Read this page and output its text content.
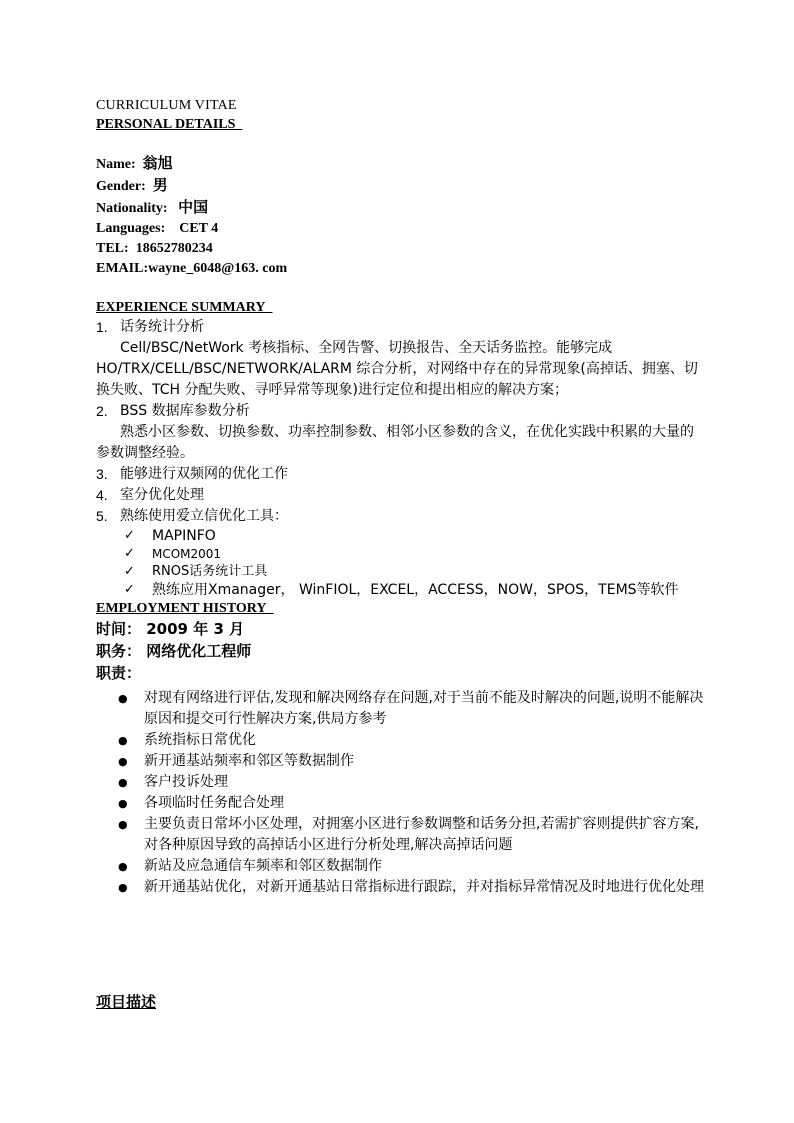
CURRICULUM VITAE
PERSONAL DETAILS

Name: 翁旭

Gender: 男

Nationality: 中国

Languages: CET 4

TEL: 18652780234

EMAIL:wayne_6048@163. com

EXPERIENCE SUMMARY
1. 话务统计分析

Cell/BSC/NetWork 考核指标、全网告警、切换报告、全天话务监控。能够完成 HO/TRX/CELL/BSC/NETWORK/ALARM 综合分析，对网络中存在的异常现象(高掉话、拥塞、切换失败、TCH 分配失败、寻呼异常等现象)进行定位和提出相应的解决方案；

2. BSS 数据库参数分析

熟悉小区参数、切换参数、功率控制参数、相邻小区参数的含义，在优化实践中积累的大量的参数调整经验。

3. 能够进行双频网的优化工作
4. 室分优化处理
5. 熟练使用爱立信优化工具：
✓	MAPINFO
✓	MCOM2001
✓	RNOS话务统计工具
✓	熟练应用Xmanager， WinFIOL，EXCEL，ACCESS，NOW，SPOS，TEMS等软件
EMPLOYMENT HISTORY

时间： 2009 年 3 月

职务： 网络优化工程师

职责：

●	对现有网络进行评估,发现和解决网络存在问题,对于当前不能及时解决的问题,说明不能解决原因和提交可行性解决方案,供局方参考
●	系统指标日常优化
●	新开通基站频率和邻区等数据制作
●	客户投诉处理
●	各项临时任务配合处理
●	主要负责日常坏小区处理，对拥塞小区进行参数调整和话务分担,若需扩容则提供扩容方案,对各种原因导致的高掉话小区进行分析处理,解决高掉话问题
●	新站及应急通信车频率和邻区数据制作
●	新开通基站优化，对新开通基站日常指标进行跟踪，并对指标异常情况及时地进行优化处理
项目描述
